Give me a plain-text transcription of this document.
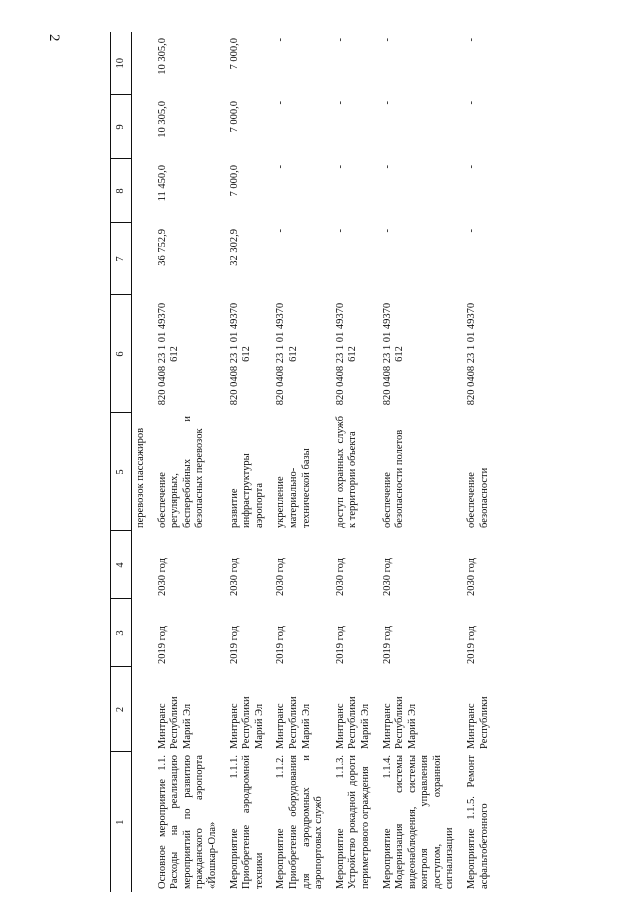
2
1	2	3	4	5	6	7	8	9	10
				перевозок пассажиров					
Основное мероприятие 1.1. Расходы на реализацию мероприятий по развитию гражданского аэропорта «Йошкар-Ола»	Минтранс Республики Марий Эл	2019 год	2030 год	обеспечение регулярных, бесперебойных и безопасных перевозок	820 0408 23 1 01 49370 612	36 752,9	11 450,0	10 305,0	10 305,0
Мероприятие 1.1.1. Приобретение аэродромной техники	Минтранс Республики Марий Эл	2019 год	2030 год	развитие инфраструктуры аэропорта	820 0408 23 1 01 49370 612	32 302,9	7 000,0	7 000,0	7 000,0
Мероприятие 1.1.2. Приобретение оборудования для аэродромных и аэропортовых служб	Минтранс Республики Марий Эл	2019 год	2030 год	укрепление материально-технической базы	820 0408 23 1 01 49370 612	-	-	-	-
Мероприятие 1.1.3. Устройство рокадной дороги периметрового ограждения	Минтранс Республики Марий Эл	2019 год	2030 год	доступ охранных служб к территории объекта	820 0408 23 1 01 49370 612	-	-	-	-
Мероприятие 1.1.4. Модернизация системы видеонаблюдения, системы контроля управления доступом, охранной сигнализации	Минтранс Республики Марий Эл	2019 год	2030 год	обеспечение безопасности полетов	820 0408 23 1 01 49370 612	-	-	-	-
Мероприятие 1.1.5. Ремонт асфальтобетонного	Минтранс Республики	2019 год	2030 год	обеспечение безопасности	820 0408 23 1 01 49370	-	-	-	-
